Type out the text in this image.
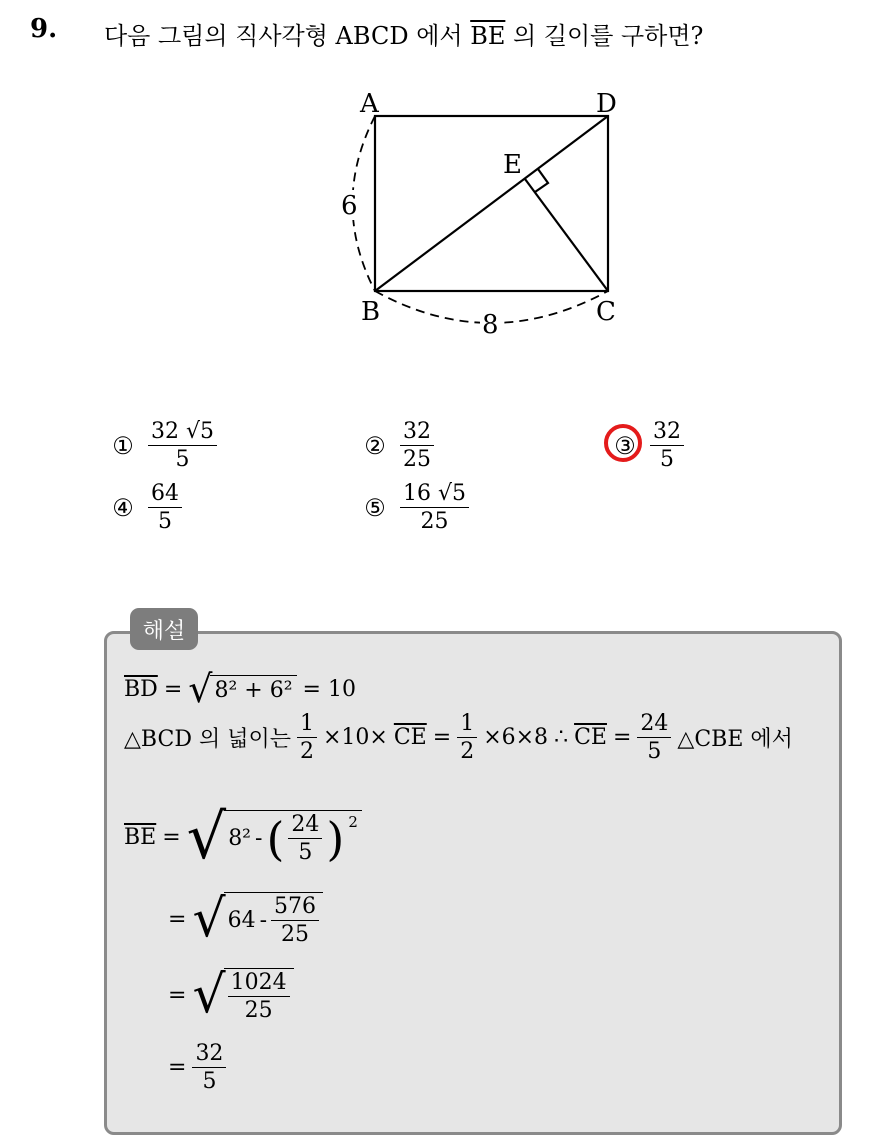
9. 다음 그림의 직사각형 ABCD 에서 $\overline{BE}$ 의 길이를 구하면?
A	D
B	C
E
6
8
① $\frac{32 √5}{5}$	② $\frac{32}{25}$	③ $\frac{32}{5}$
④ $\frac{64}{5}$	⑤ $\frac{16 √5}{25}$
해설
$\overline{BD}$ = √ 8² + 6² = 10
△BCD 의 넓이는 $\frac{1}{2} \times 10\times \overline{CE} = \frac{1}{2} \times 6\times 8$ ∴ $\overline{CE} = \frac{24}{5}$ △CBE 에서
$\overline{BE}$ = √ 8² - ( $\frac{24}{5}$ ) $^2$
= √ $64 - \frac{576}{25}$
= √ $\frac{1024}{25}$
= $\frac{32}{5}$
